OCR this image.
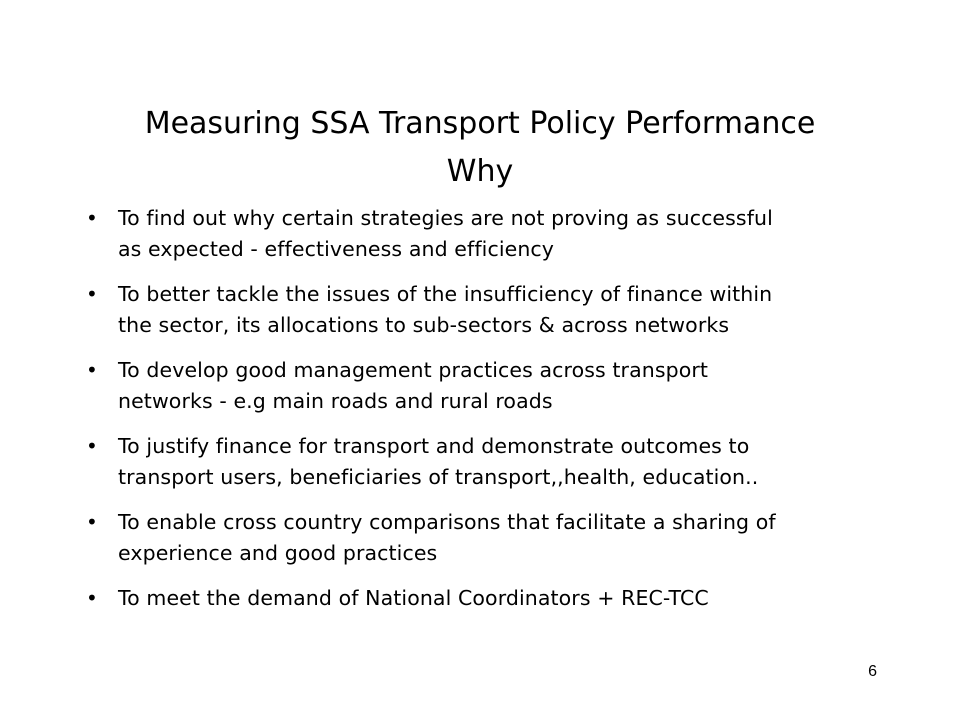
Measuring SSA Transport Policy Performance
Why
• To find out why certain strategies are not proving as successful
as expected - effectiveness and efficiency
• To better tackle the issues of the insufficiency of finance within
the sector, its allocations to sub-sectors & across networks
• To develop good management practices across transport
networks - e.g main roads and rural roads
• To justify finance for transport and demonstrate outcomes to
transport users, beneficiaries of transport,,health, education..
• To enable cross country comparisons that facilitate a sharing of
experience and good practices
• To meet the demand of National Coordinators + REC-TCC
6
